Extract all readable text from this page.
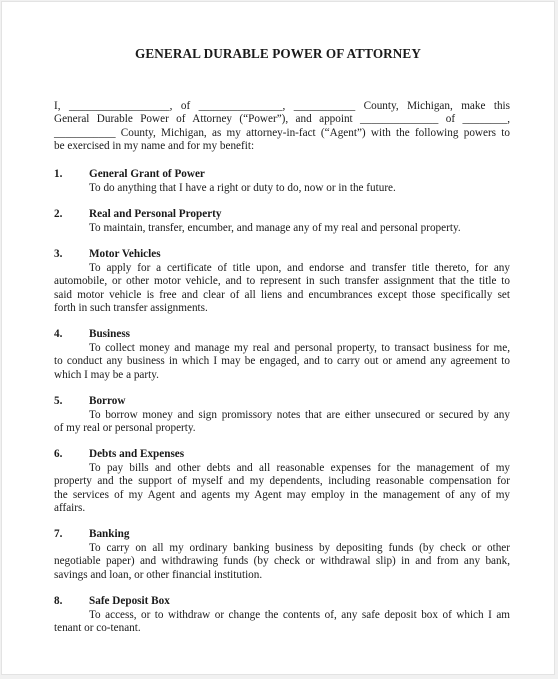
GENERAL DURABLE POWER OF ATTORNEY
I, __________________, of _______________, ___________ County, Michigan, make this
General Durable Power of Attorney (“Power”), and appoint ______________ of ________,
___________ County, Michigan, as my attorney-in-fact (“Agent”) with the following powers to
be exercised in my name and for my benefit:
1. General Grant of Power
To do anything that I have a right or duty to do, now or in the future.
2. Real and Personal Property
To maintain, transfer, encumber, and manage any of my real and personal property.
3. Motor Vehicles
To apply for a certificate of title upon, and endorse and transfer title thereto, for any
automobile, or other motor vehicle, and to represent in such transfer assignment that the title to
said motor vehicle is free and clear of all liens and encumbrances except those specifically set
forth in such transfer assignments.
4. Business
To collect money and manage my real and personal property, to transact business for me,
to conduct any business in which I may be engaged, and to carry out or amend any agreement to
which I may be a party.
5. Borrow
To borrow money and sign promissory notes that are either unsecured or secured by any
of my real or personal property.
6. Debts and Expenses
To pay bills and other debts and all reasonable expenses for the management of my
property and the support of myself and my dependents, including reasonable compensation for
the services of my Agent and agents my Agent may employ in the management of any of my
affairs.
7. Banking
To carry on all my ordinary banking business by depositing funds (by check or other
negotiable paper) and withdrawing funds (by check or withdrawal slip) in and from any bank,
savings and loan, or other financial institution.
8. Safe Deposit Box
To access, or to withdraw or change the contents of, any safe deposit box of which I am
tenant or co-tenant.
